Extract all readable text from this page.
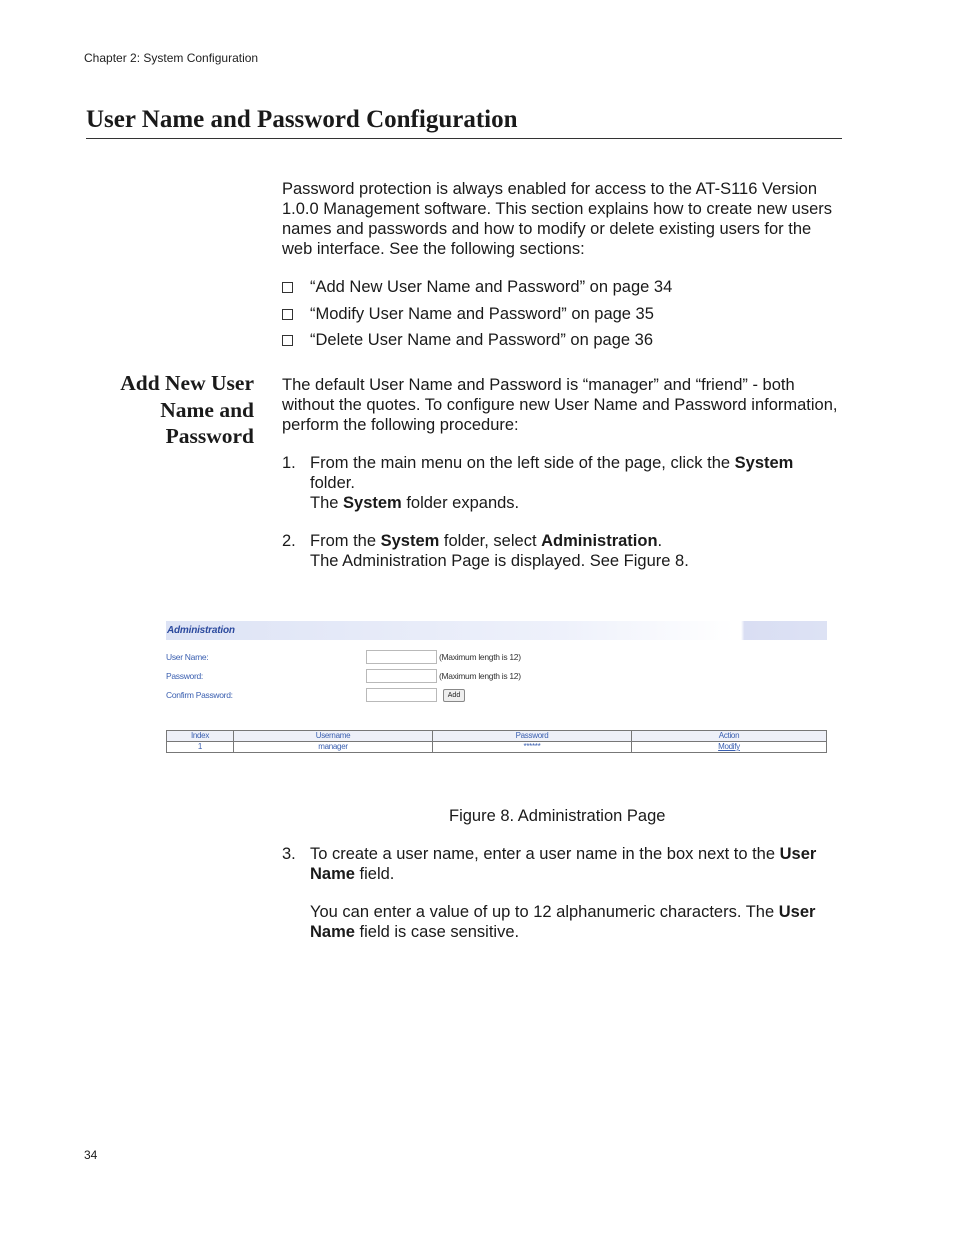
Chapter 2: System Configuration
User Name and Password Configuration
Password protection is always enabled for access to the AT-S116 Version 1.0.0 Management software. This section explains how to create new users names and passwords and how to modify or delete existing users for the web interface. See the following sections:
“Add New User Name and Password” on page 34
“Modify User Name and Password” on page 35
“Delete User Name and Password” on page 36
Add New User
Name and
Password
The default User Name and Password is “manager” and “friend” - both without the quotes. To configure new User Name and Password information, perform the following procedure:
1. From the main menu on the left side of the page, click the System folder.
The System folder expands.
2. From the System folder, select Administration.
The Administration Page is displayed. See Figure 8.
Administration
User Name:	(Maximum length is 12)
Password:	(Maximum length is 12)
Confirm Password:	Add
Index	Username	Password	Action
1	manager	******	Modify
Figure 8. Administration Page
3. To create a user name, enter a user name in the box next to the User Name field.
You can enter a value of up to 12 alphanumeric characters. The User Name field is case sensitive.
34
